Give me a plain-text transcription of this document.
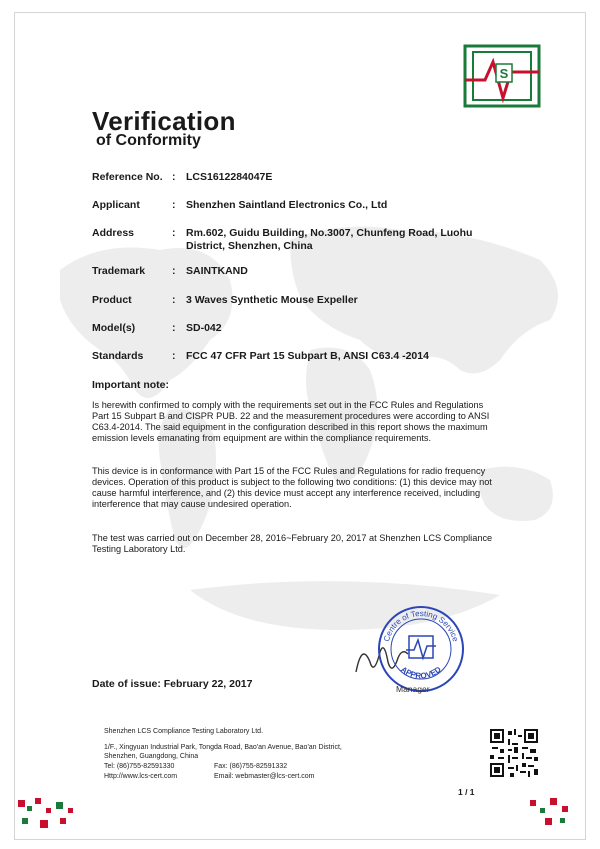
S
Verification
of Conformity
Reference No. :	LCS1612284047E
Applicant	:	Shenzhen Saintland Electronics Co., Ltd
Address	:	Rm.602, Guidu Building, No.3007, Chunfeng Road, Luohu District, Shenzhen, China
Trademark	:	SAINTKAND
Product	:	3 Waves Synthetic Mouse Expeller
Model(s)	:	SD-042
Standards	:	FCC 47 CFR Part 15 Subpart B, ANSI C63.4 -2014
Important note:

Is herewith confirmed to comply with the requirements set out in the FCC Rules and Regulations Part 15 Subpart B and CISPR PUB. 22 and the measurement procedures were according to ANSI C63.4-2014. The said equipment in the configuration described in this report shows the maximum emission levels emanating from equipment are within the compliance requirements.

This device is in conformance with Part 15 of the FCC Rules and Regulations for radio frequency devices. Operation of this product is subject to the following two conditions: (1) this device may not cause harmful interference, and (2) this device must accept any interference received, including interference that may cause undesired operation.

The test was carried out on December 28, 2016~February 20, 2017 at Shenzhen LCS Compliance Testing Laboratory Ltd.

Centre of Testing Service
APPROVED
Manager
Date of issue: February 22, 2017
Shenzhen LCS Compliance Testing Laboratory Ltd.
1/F., Xingyuan Industrial Park, Tongda Road, Bao'an Avenue, Bao'an District,
Shenzhen, Guangdong, China
Tel: (86)755-82591330	Fax: (86)755-82591332
Http://www.lcs-cert.com	Email: webmaster@lcs-cert.com
1 / 1
